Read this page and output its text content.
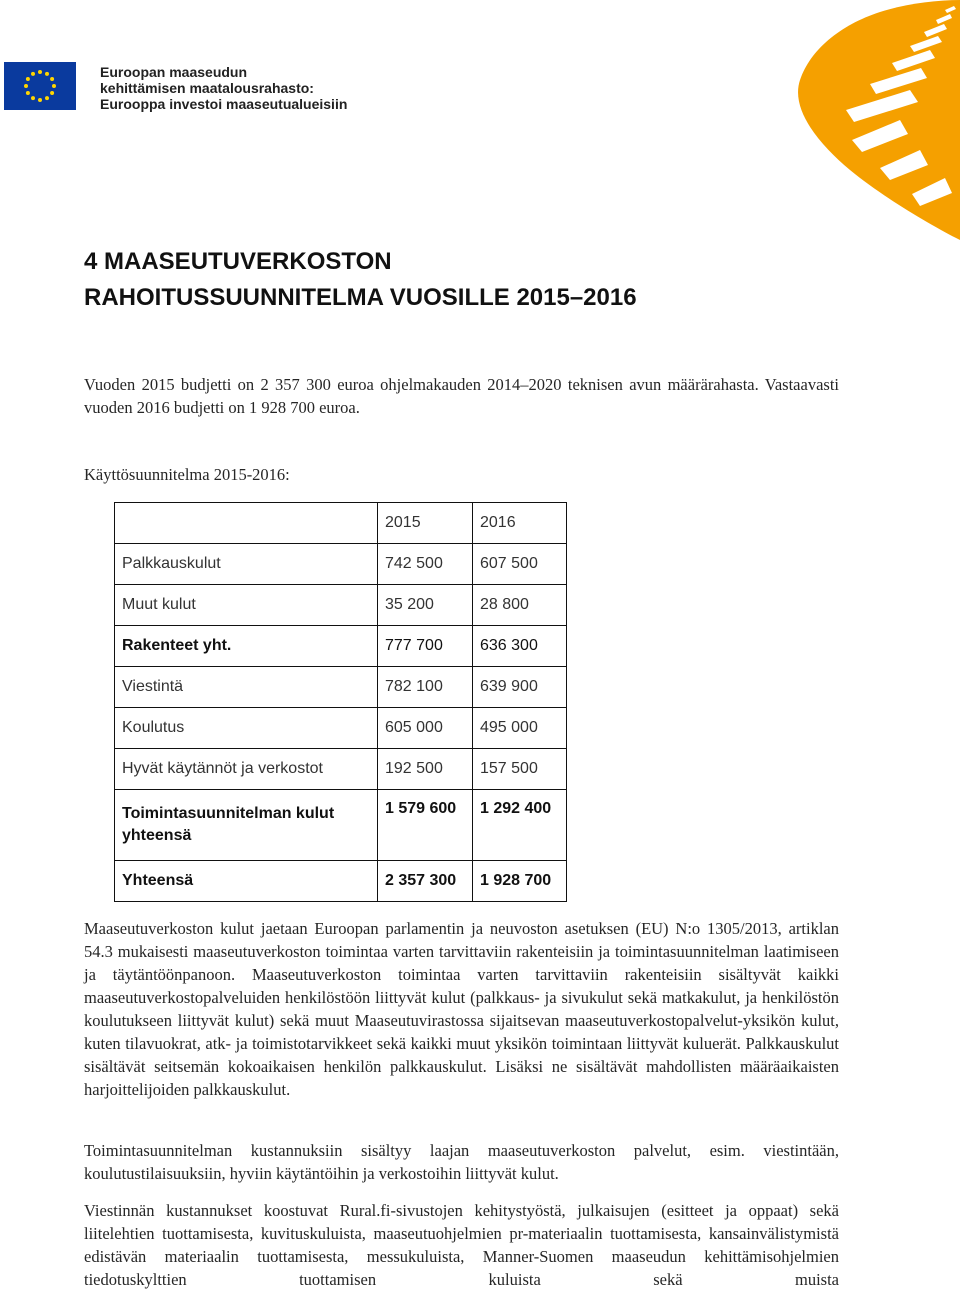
Euroopan maaseudun
kehittämisen maatalousrahasto:
Eurooppa investoi maaseutualueisiin
4 MAASEUTUVERKOSTON
RAHOITUSSUUNNITELMA VUOSILLE 2015–2016

Vuoden 2015 budjetti on 2 357 300 euroa ohjelmakauden 2014–2020 teknisen avun määrärahasta. Vastaavasti vuoden 2016 budjetti on 1 928 700 euroa.

Käyttösuunnitelma 2015-2016:

	2015	2016
Palkkauskulut	742 500	607 500
Muut kulut	35 200	28 800
Rakenteet yht.	777 700	636 300
Viestintä	782 100	639 900
Koulutus	605 000	495 000
Hyvät käytännöt ja verkostot	192 500	157 500
Toimintasuunnitelman kulut yhteensä	1 579 600	1 292 400
Yhteensä	2 357 300	1 928 700

Maaseutuverkoston kulut jaetaan Euroopan parlamentin ja neuvoston asetuksen (EU) N:o 1305/2013, artiklan 54.3 mukaisesti maaseutuverkoston toimintaa varten tarvittaviin rakenteisiin ja toimintasuunnitelman laatimiseen ja täytäntöönpanoon. Maaseutuverkoston toimintaa varten tarvittaviin rakenteisiin sisältyvät kaikki maaseutuverkostopalveluiden henkilöstöön liittyvät kulut (palkkaus- ja sivukulut sekä matkakulut, ja henkilöstön koulutukseen liittyvät kulut) sekä muut Maaseutuvirastossa sijaitsevan maaseutuverkostopalvelut-yksikön kulut, kuten tilavuokrat, atk- ja toimistotarvikkeet sekä kaikki muut yksikön toimintaan liittyvät kuluerät. Palkkauskulut sisältävät seitsemän kokoaikaisen henkilön palkkauskulut. Lisäksi ne sisältävät mahdollisten määräaikaisten harjoittelijoiden palkkauskulut.

Toimintasuunnitelman kustannuksiin sisältyy laajan maaseutuverkoston palvelut, esim. viestintään, koulutustilaisuuksiin, hyviin käytäntöihin ja verkostoihin liittyvät kulut.

Viestinnän kustannukset koostuvat Rural.fi-sivustojen kehitystyöstä, julkaisujen (esitteet ja oppaat) sekä liitelehtien tuottamisesta, kuvituskuluista, maaseutuohjelmien pr-materiaalin tuottamisesta, kansainvälistymistä edistävän materiaalin tuottamisesta, messukuluista, Manner-Suomen maaseudun kehittämisohjelmien tiedotuskylttien tuottamisen kuluista sekä muista
